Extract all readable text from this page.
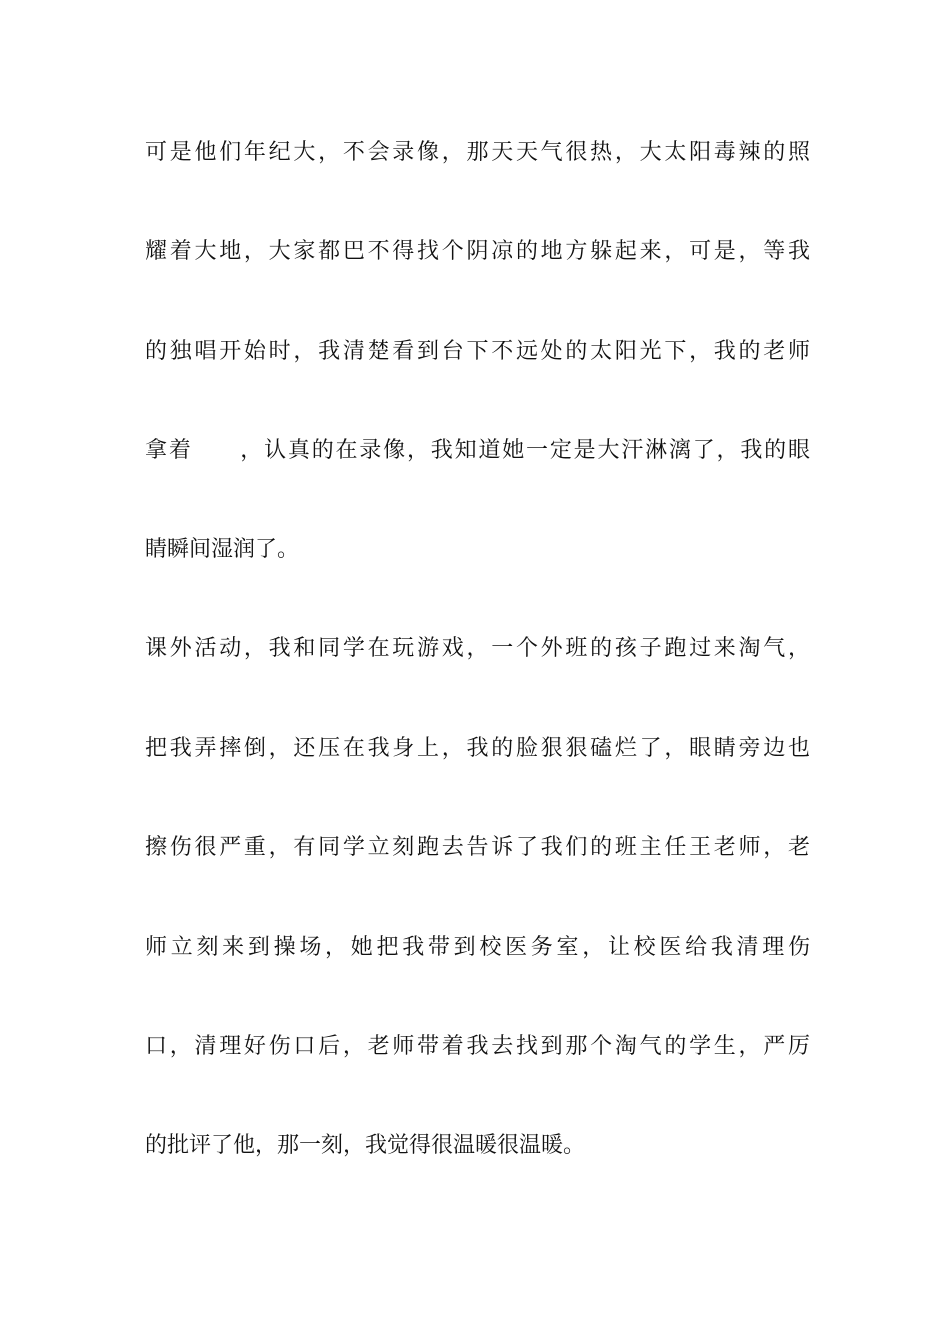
可是他们年纪大，不会录像，那天天气很热，大太阳毒辣的照
耀着大地，大家都巴不得找个阴凉的地方躲起来，可是，等我
的独唱开始时，我清楚看到台下不远处的太阳光下，我的老师
拿着　　，认真的在录像，我知道她一定是大汗淋漓了，我的眼
睛瞬间湿润了。
课外活动，我和同学在玩游戏，一个外班的孩子跑过来淘气，
把我弄摔倒，还压在我身上，我的脸狠狠磕烂了，眼睛旁边也
擦伤很严重，有同学立刻跑去告诉了我们的班主任王老师，老
师立刻来到操场，她把我带到校医务室，让校医给我清理伤
口，清理好伤口后，老师带着我去找到那个淘气的学生，严厉
的批评了他，那一刻，我觉得很温暖很温暖。
